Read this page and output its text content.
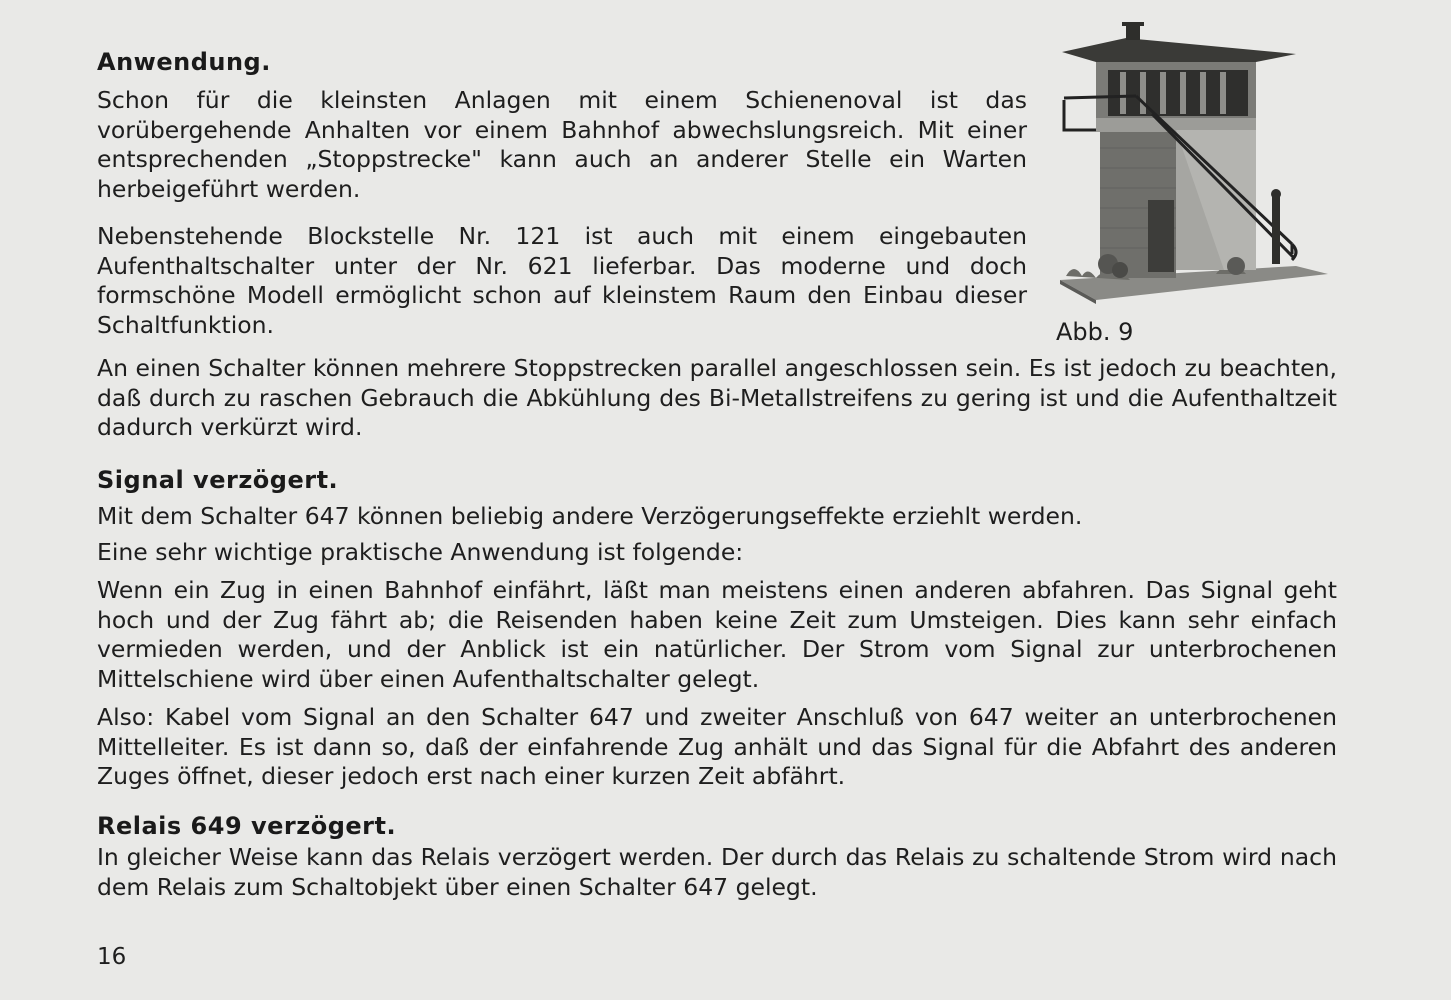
Anwendung.

Schon für die kleinsten Anlagen mit einem Schienenoval ist das vorübergehende Anhalten vor einem Bahnhof abwechslungsreich. Mit einer entsprechenden „Stoppstrecke" kann auch an anderer Stelle ein Warten herbeigeführt werden.

Nebenstehende Blockstelle Nr. 121 ist auch mit einem eingebauten Aufenthaltschalter unter der Nr. 621 lieferbar. Das moderne und doch formschöne Modell ermöglicht schon auf kleinstem Raum den Einbau dieser Schaltfunktion.

An einen Schalter können mehrere Stoppstrecken parallel angeschlossen sein. Es ist jedoch zu beachten, daß durch zu raschen Gebrauch die Abkühlung des Bi-Metallstreifens zu gering ist und die Aufenthaltzeit dadurch verkürzt wird.

Abb. 9
Signal verzögert.

Mit dem Schalter 647 können beliebig andere Verzögerungseffekte erziehlt werden.

Eine sehr wichtige praktische Anwendung ist folgende:

Wenn ein Zug in einen Bahnhof einfährt, läßt man meistens einen anderen abfahren. Das Signal geht hoch und der Zug fährt ab; die Reisenden haben keine Zeit zum Umsteigen. Dies kann sehr einfach vermieden werden, und der Anblick ist ein natürlicher. Der Strom vom Signal zur unterbrochenen Mittelschiene wird über einen Aufenthaltschalter gelegt.

Also: Kabel vom Signal an den Schalter 647 und zweiter Anschluß von 647 weiter an unterbrochenen Mittelleiter. Es ist dann so, daß der einfahrende Zug anhält und das Signal für die Abfahrt des anderen Zuges öffnet, dieser jedoch erst nach einer kurzen Zeit abfährt.

Relais 649 verzögert.

In gleicher Weise kann das Relais verzögert werden. Der durch das Relais zu schaltende Strom wird nach dem Relais zum Schaltobjekt über einen Schalter 647 gelegt.

16
